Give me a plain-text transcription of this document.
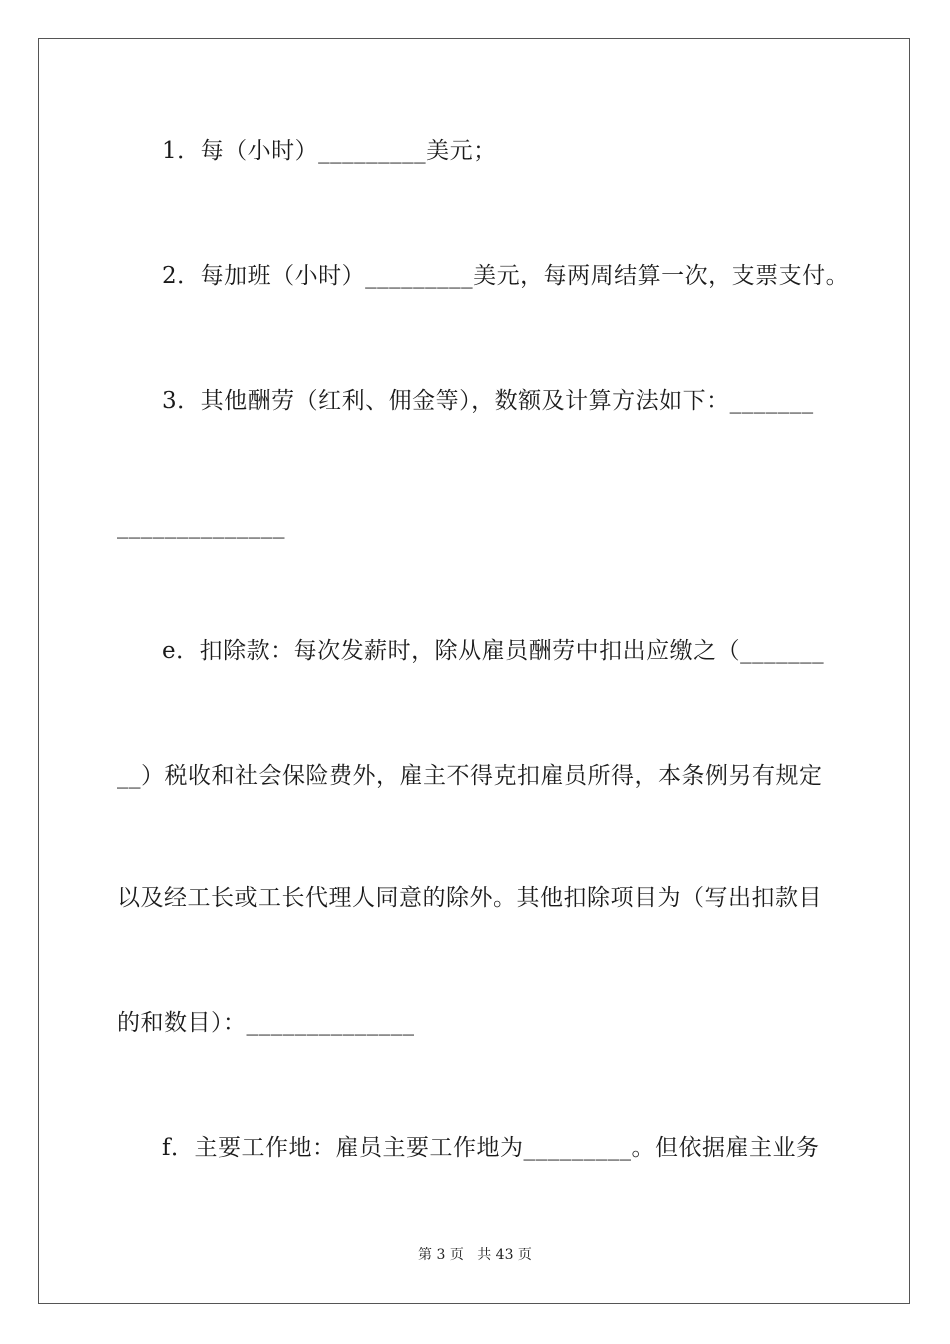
1．每（小时）_________美元；
2．每加班（小时）_________美元，每两周结算一次，支票支付。
3．其他酬劳（红利、佣金等），数额及计算方法如下：_______
______________
e．扣除款：每次发薪时，除从雇员酬劳中扣出应缴之（_______
__）税收和社会保险费外，雇主不得克扣雇员所得，本条例另有规定
以及经工长或工长代理人同意的除外。其他扣除项目为（写出扣款目
的和数目）：______________
f．主要工作地：雇员主要工作地为_________。但依据雇主业务
第 3 页 共 43 页
